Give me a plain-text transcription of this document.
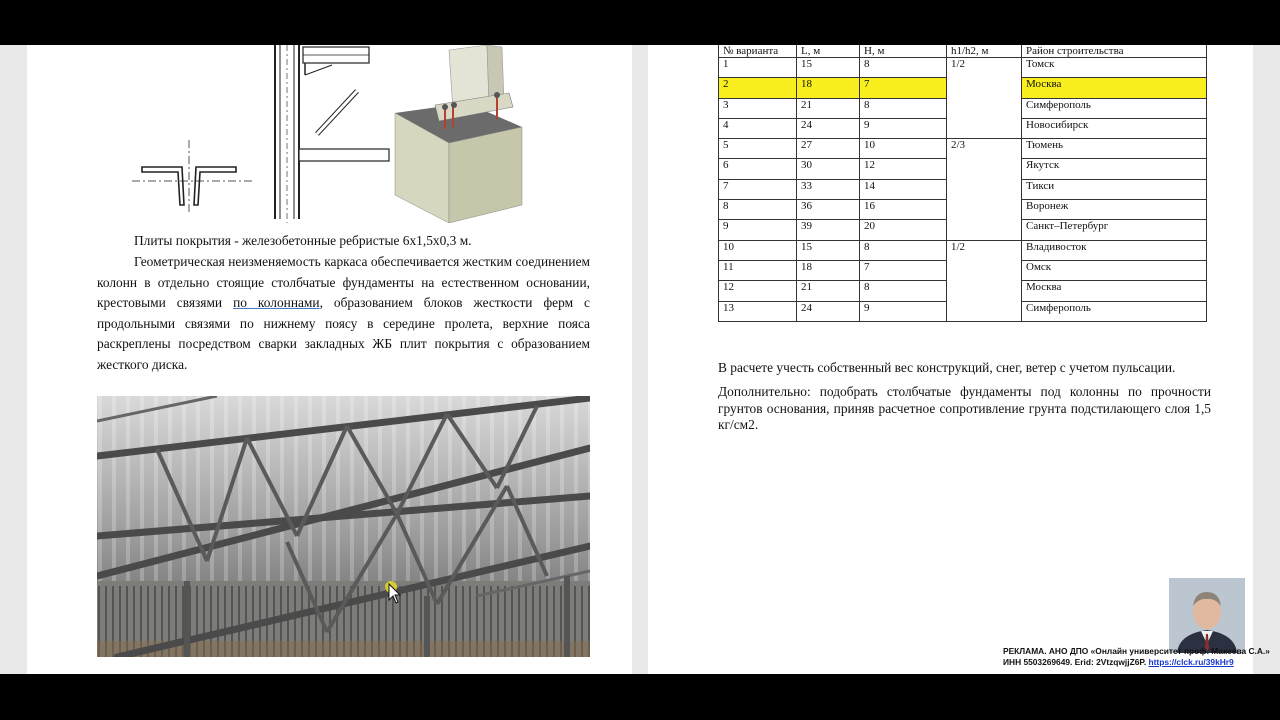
Плиты покрытия - железобетонные ребристые 6х1,5х0,3 м.

Геометрическая неизменяемость каркаса обеспечивается жестким соединением колонн в отдельно стоящие столбчатые фундаменты на естественном основании, крестовыми связями по колоннами, образованием блоков жесткости ферм с продольными связями по нижнему поясу в середине пролета, верхние пояса раскреплены посредством сварки закладных ЖБ плит покрытия с образованием жесткого диска.

№ варианта	L, м	H, м	h1/h2, м	Район строительства
1	15	8	1/2	Томск
2	18	7		Москва
3	21	8		Симферополь
4	24	9		Новосибирск
5	27	10	2/3	Тюмень
6	30	12		Якутск
7	33	14		Тикси
8	36	16		Воронеж
9	39	20		Санкт–Петербург
10	15	8	1/2	Владивосток
11	18	7		Омск
12	21	8		Москва
13	24	9		Симферополь

В расчете учесть собственный вес конструкций, снег, ветер с учетом пульсации.

Дополнительно: подобрать столбчатые фундаменты под колонны по прочности грунтов основания, приняв расчетное сопротивление грунта подстилающего слоя 1,5 кг/см2.

РЕКЛАМА. АНО ДПО «Онлайн университет проф. Макеева С.А.»
ИНН 5503269649. Erid: 2VtzqwjjZ6P. https://clck.ru/39kHr9
